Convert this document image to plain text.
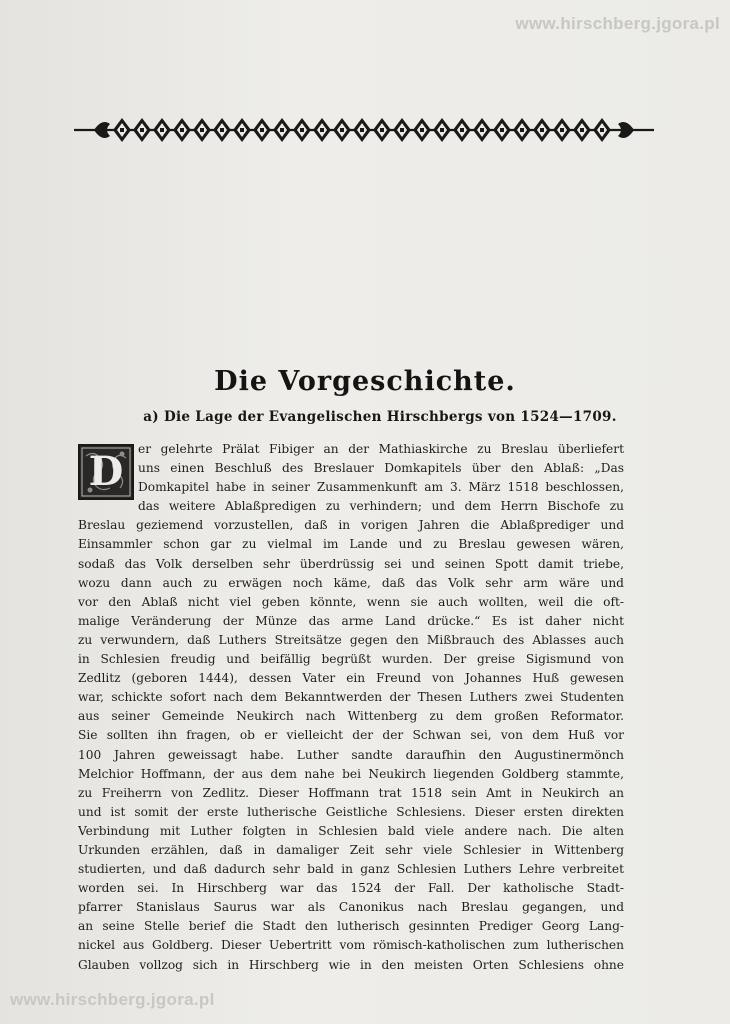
www.hirschberg.jgora.pl
Die Vorgeschichte.
a) Die Lage der Evangelischen Hirschbergs von 1524—1709.
D	er gelehrte Prälat Fibiger an der Mathiaskirche zu Breslau überliefert
uns einen Beschluß des Breslauer Domkapitels über den Ablaß: „Das
Domkapitel habe in seiner Zusammenkunft am 3. März 1518 beschlossen,
das weitere Ablaßpredigen zu verhindern; und dem Herrn Bischofe zu
Breslau geziemend vorzustellen, daß in vorigen Jahren die Ablaßprediger und
Einsammler schon gar zu vielmal im Lande und zu Breslau gewesen wären,
sodaß das Volk derselben sehr überdrüssig sei und seinen Spott damit triebe,
wozu dann auch zu erwägen noch käme, daß das Volk sehr arm wäre und
vor den Ablaß nicht viel geben könnte, wenn sie auch wollten, weil die oft-
malige Veränderung der Münze das arme Land drücke.“ Es ist daher nicht
zu verwundern, daß Luthers Streitsätze gegen den Mißbrauch des Ablasses auch
in Schlesien freudig und beifällig begrüßt wurden. Der greise Sigismund von
Zedlitz (geboren 1444), dessen Vater ein Freund von Johannes Huß gewesen
war, schickte sofort nach dem Bekanntwerden der Thesen Luthers zwei Studenten
aus seiner Gemeinde Neukirch nach Wittenberg zu dem großen Reformator.
Sie sollten ihn fragen, ob er vielleicht der der Schwan sei, von dem Huß vor
100 Jahren geweissagt habe. Luther sandte daraufhin den Augustinermönch
Melchior Hoffmann, der aus dem nahe bei Neukirch liegenden Goldberg stammte,
zu Freiherrn von Zedlitz. Dieser Hoffmann trat 1518 sein Amt in Neukirch an
und ist somit der erste lutherische Geistliche Schlesiens. Dieser ersten direkten
Verbindung mit Luther folgten in Schlesien bald viele andere nach. Die alten
Urkunden erzählen, daß in damaliger Zeit sehr viele Schlesier in Wittenberg
studierten, und daß dadurch sehr bald in ganz Schlesien Luthers Lehre verbreitet
worden sei. In Hirschberg war das 1524 der Fall. Der katholische Stadt-
pfarrer Stanislaus Saurus war als Canonikus nach Breslau gegangen, und
an seine Stelle berief die Stadt den lutherisch gesinnten Prediger Georg Lang-
nickel aus Goldberg. Dieser Uebertritt vom römisch-katholischen zum lutherischen
Glauben vollzog sich in Hirschberg wie in den meisten Orten Schlesiens ohne
www.hirschberg.jgora.pl
